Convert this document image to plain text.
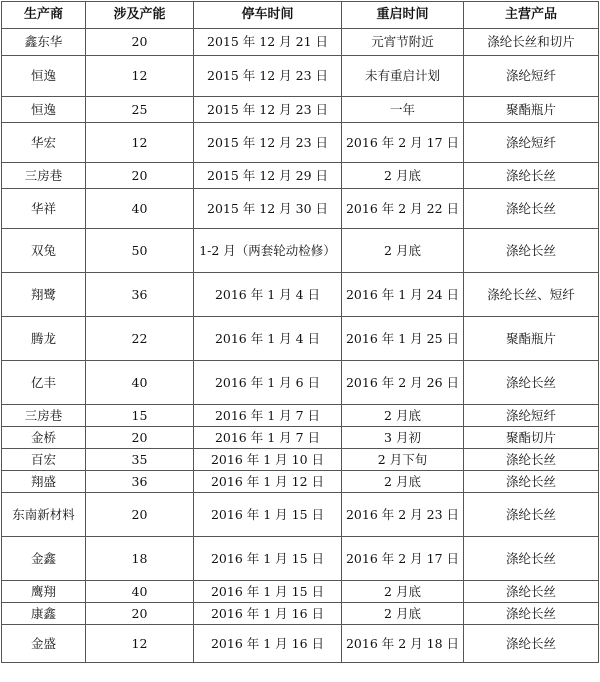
生产商	涉及产能	停车时间	重启时间	主营产品
鑫东华	20	2015 年 12 月 21 日	元宵节附近	涤纶长丝和切片
恒逸	12	2015 年 12 月 23 日	未有重启计划	涤纶短纤
恒逸	25	2015 年 12 月 23 日	一年	聚酯瓶片
华宏	12	2015 年 12 月 23 日	2016 年 2 月 17 日	涤纶短纤
三房巷	20	2015 年 12 月 29 日	2 月底	涤纶长丝
华祥	40	2015 年 12 月 30 日	2016 年 2 月 22 日	涤纶长丝
双兔	50	1-2 月（两套轮动检修）	2 月底	涤纶长丝
翔鹭	36	2016 年 1 月 4 日	2016 年 1 月 24 日	涤纶长丝、短纤
腾龙	22	2016 年 1 月 4 日	2016 年 1 月 25 日	聚酯瓶片
亿丰	40	2016 年 1 月 6 日	2016 年 2 月 26 日	涤纶长丝
三房巷	15	2016 年 1 月 7 日	2 月底	涤纶短纤
金桥	20	2016 年 1 月 7 日	3 月初	聚酯切片
百宏	35	2016 年 1 月 10 日	2 月下旬	涤纶长丝
翔盛	36	2016 年 1 月 12 日	2 月底	涤纶长丝
东南新材料	20	2016 年 1 月 15 日	2016 年 2 月 23 日	涤纶长丝
金鑫	18	2016 年 1 月 15 日	2016 年 2 月 17 日	涤纶长丝
鹰翔	40	2016 年 1 月 15 日	2 月底	涤纶长丝
康鑫	20	2016 年 1 月 16 日	2 月底	涤纶长丝
金盛	12	2016 年 1 月 16 日	2016 年 2 月 18 日	涤纶长丝
